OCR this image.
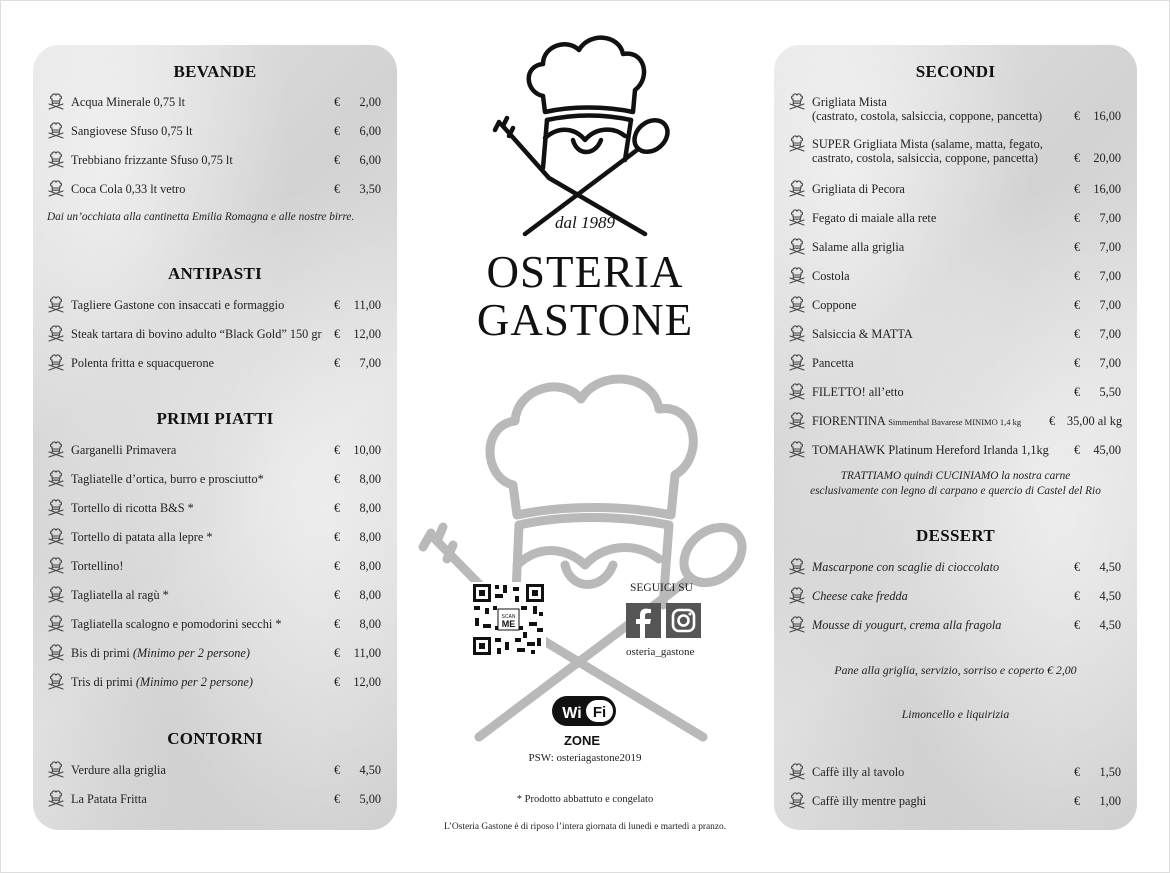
BEVANDE
Acqua Minerale 0,75 lt	€ 2,00
Sangiovese Sfuso 0,75 lt	€ 6,00
Trebbiano frizzante Sfuso 0,75 lt	€ 6,00
Coca Cola 0,33 lt vetro	€ 3,50
Dai un’occhiata alla cantinetta Emilia Romagna e alle nostre birre.
ANTIPASTI
Tagliere Gastone con insaccati e formaggio	€ 11,00
Steak tartara di bovino adulto “Black Gold” 150 gr € 12,00
Polenta fritta e squacquerone	€ 7,00
PRIMI PIATTI
Garganelli Primavera	€ 10,00
Tagliatelle d’ortica, burro e prosciutto*	€ 8,00
Tortello di ricotta B&S *	€ 8,00
Tortello di patata alla lepre *	€ 8,00
Tortellino!	€ 8,00
Tagliatella al ragù *	€ 8,00
Tagliatella scalogno e pomodorini secchi *	€ 8,00
Bis di primi (Minimo per 2 persone)	€ 11,00
Tris di primi (Minimo per 2 persone)	€ 12,00
CONTORNI
Verdure alla griglia	€ 4,50
La Patata Fritta	€ 5,00
dal 1989
OSTERIA
GASTONE
SCAN
ME
SEGUICI SU
osteria_gastone
Wi Fi
ZONE
PSW: osteriagastone2019
* Prodotto abbattuto e congelato
L’Osteria Gastone è di riposo l’intera giornata di lunedì e martedì a pranzo.
SECONDI
Grigliata Mista
(castrato, costola, salsiccia, coppone, pancetta)	€ 16,00
SUPER Grigliata Mista (salame, matta, fegato,
castrato, costola, salsiccia, coppone, pancetta)	€ 20,00
Grigliata di Pecora	€ 16,00
Fegato di maiale alla rete	€ 7,00
Salame alla griglia	€ 7,00
Costola	€ 7,00
Coppone	€ 7,00
Salsiccia & MATTA	€ 7,00
Pancetta	€ 7,00
FILETTO! all’etto	€ 5,50
FIORENTINA Simmenthal Bavarese MINIMO 1,4 kg € 35,00 al kg
TOMAHAWK Platinum Hereford Irlanda 1,1kg € 45,00
TRATTIAMO quindi CUCINIAMO la nostra carne
esclusivamente con legno di carpano e quercio di Castel del Rio
DESSERT
Mascarpone con scaglie di cioccolato	€ 4,50
Cheese cake fredda	€ 4,50
Mousse di yougurt, crema alla fragola	€ 4,50
Pane alla griglia, servizio, sorriso e coperto € 2,00
Limoncello e liquirizia
Caffè illy al tavolo	€ 1,50
Caffè illy mentre paghi	€ 1,00
